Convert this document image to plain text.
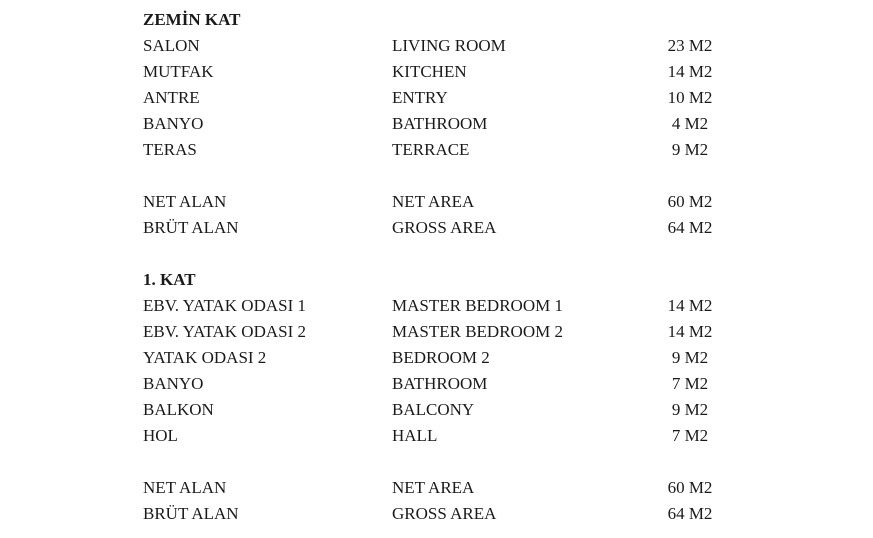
ZEMİN KAT
SALON	LIVING ROOM	23 M2
MUTFAK	KITCHEN	14 M2
ANTRE	ENTRY	10 M2
BANYO	BATHROOM	4 M2
TERAS	TERRACE	9 M2
NET ALAN	NET AREA	60 M2
BRÜT ALAN	GROSS AREA	64 M2
1. KAT
EBV. YATAK ODASI 1	MASTER BEDROOM 1	14 M2
EBV. YATAK ODASI 2	MASTER BEDROOM 2	14 M2
YATAK ODASI 2	BEDROOM 2	9 M2
BANYO	BATHROOM	7 M2
BALKON	BALCONY	9 M2
HOL	HALL	7 M2
NET ALAN	NET AREA	60 M2
BRÜT ALAN	GROSS AREA	64 M2
